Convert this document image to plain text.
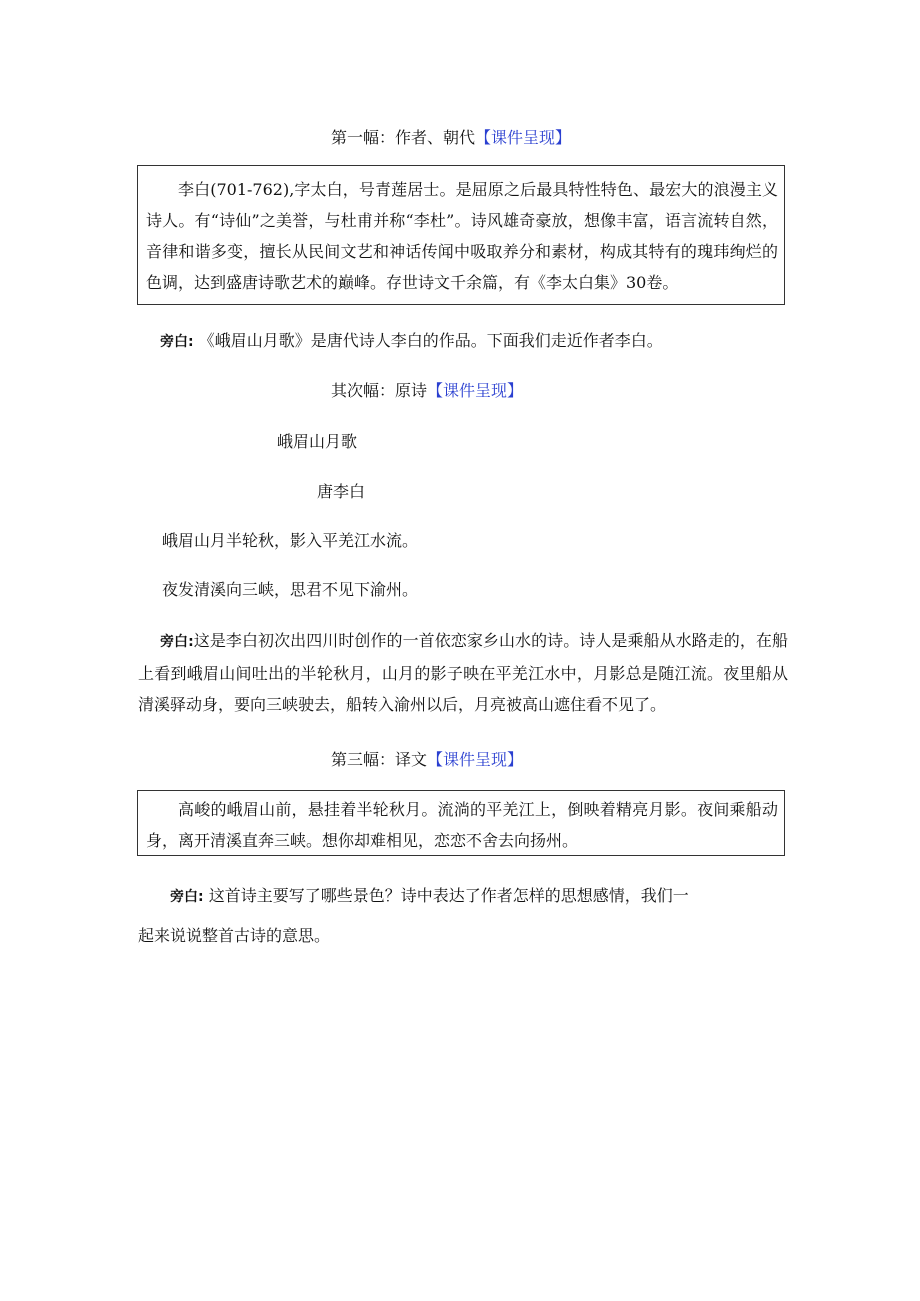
第一幅：作者、朝代【课件呈现】

李白(701-762),字太白，号青莲居士。是屈原之后最具特性特色、最宏大的浪漫主义诗人。有“诗仙”之美誉，与杜甫并称“李杜”。诗风雄奇豪放，想像丰富，语言流转自然，音律和谐多变，擅长从民间文艺和神话传闻中吸取养分和素材，构成其特有的瑰玮绚烂的色调，达到盛唐诗歌艺术的巅峰。存世诗文千余篇，有《李太白集》30卷。

旁白: 《峨眉山月歌》是唐代诗人李白的作品。下面我们走近作者李白。
其次幅：原诗【课件呈现】
峨眉山月歌
唐李白
峨眉山月半轮秋，影入平羌江水流。
夜发清溪向三峡，思君不见下渝州。

旁白:这是李白初次出四川时创作的一首依恋家乡山水的诗。诗人是乘船从水路走的，在船上看到峨眉山间吐出的半轮秋月，山月的影子映在平羌江水中，月影总是随江流。夜里船从清溪驿动身，要向三峡驶去，船转入渝州以后，月亮被高山遮住看不见了。

第三幅：译文【课件呈现】

高峻的峨眉山前，悬挂着半轮秋月。流淌的平羌江上，倒映着精亮月影。夜间乘船动身，离开清溪直奔三峡。想你却难相见，恋恋不舍去向扬州。

旁白: 这首诗主要写了哪些景色？诗中表达了作者怎样的思想感情，我们一
起来说说整首古诗的意思。
